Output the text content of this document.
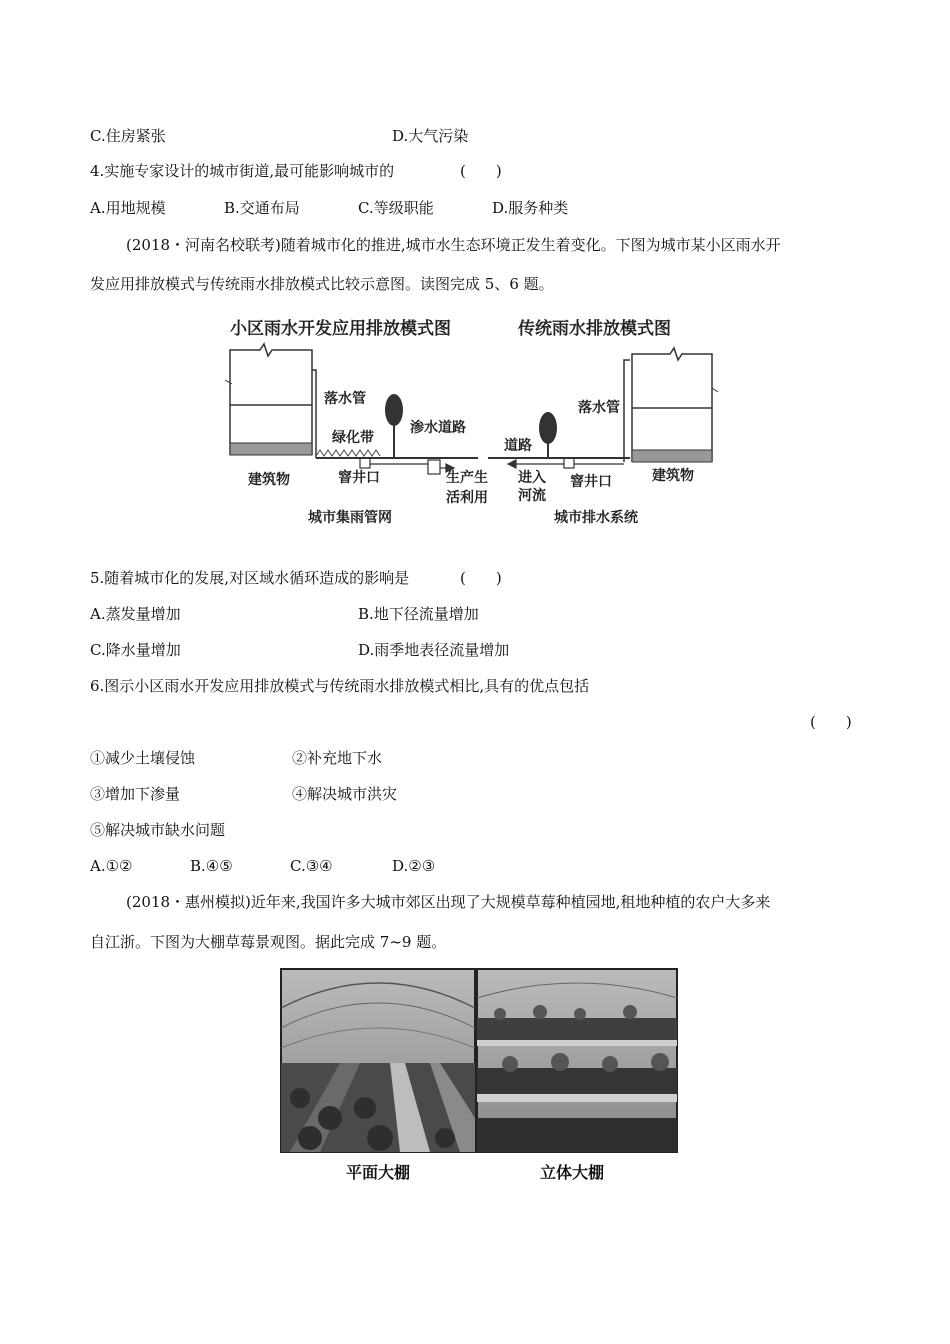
C.住房紧张	D.大气污染
4.实施专家设计的城市街道,最可能影响城市的	(　　)
A.用地规模	B.交通布局	C.等级职能	D.服务种类
(2018・河南名校联考)随着城市化的推进,城市水生态环境正发生着变化。下图为城市某小区雨水开
发应用排放模式与传统雨水排放模式比较示意图。读图完成 5、6 题。
小区雨水开发应用排放模式图	传统雨水排放模式图
落水管
绿化带
渗水道路
窨井口
建筑物	生产生
活利用
城市集雨管网
道路
进入
河流
窨井口
落水管
建筑物
城市排水系统
5.随着城市化的发展,对区域水循环造成的影响是	(　　)
A.蒸发量增加	B.地下径流量增加
C.降水量增加	D.雨季地表径流量增加
6.图示小区雨水开发应用排放模式与传统雨水排放模式相比,具有的优点包括
(　　)
①减少土壤侵蚀	②补充地下水
③增加下渗量	④解决城市洪灾
⑤解决城市缺水问题
A.①②	B.④⑤	C.③④	D.②③
(2018・惠州模拟)近年来,我国许多大城市郊区出现了大规模草莓种植园地,租地种植的农户大多来
自江浙。下图为大棚草莓景观图。据此完成 7~9 题。
平面大棚	立体大棚
